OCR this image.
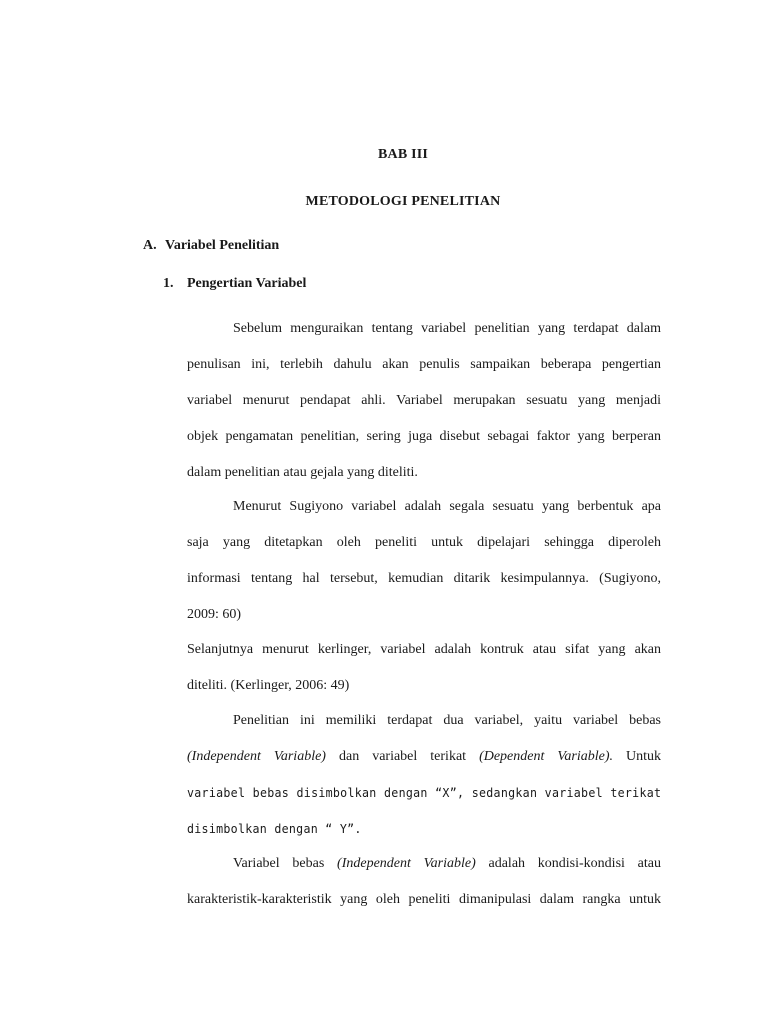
BAB III
METODOLOGI PENELITIAN
A. Variabel Penelitian
1. Pengertian Variabel
Sebelum menguraikan tentang variabel penelitian yang terdapat dalam
penulisan ini, terlebih dahulu akan penulis sampaikan beberapa pengertian
variabel menurut pendapat ahli. Variabel merupakan sesuatu yang menjadi
objek pengamatan penelitian, sering juga disebut sebagai faktor yang berperan
dalam penelitian atau gejala yang diteliti.
Menurut Sugiyono variabel adalah segala sesuatu yang berbentuk apa
saja yang ditetapkan oleh peneliti untuk dipelajari sehingga diperoleh
informasi tentang hal tersebut, kemudian ditarik kesimpulannya. (Sugiyono,
2009: 60)
Selanjutnya menurut kerlinger, variabel adalah kontruk atau sifat yang akan
diteliti. (Kerlinger, 2006: 49)
Penelitian ini memiliki terdapat dua variabel, yaitu variabel bebas
(Independent Variable) dan variabel terikat (Dependent Variable). Untuk
variabel bebas disimbolkan dengan “X”, sedangkan variabel terikat
disimbolkan dengan “ Y”.
Variabel bebas (Independent Variable) adalah kondisi-kondisi atau
karakteristik-karakteristik yang oleh peneliti dimanipulasi dalam rangka untuk
